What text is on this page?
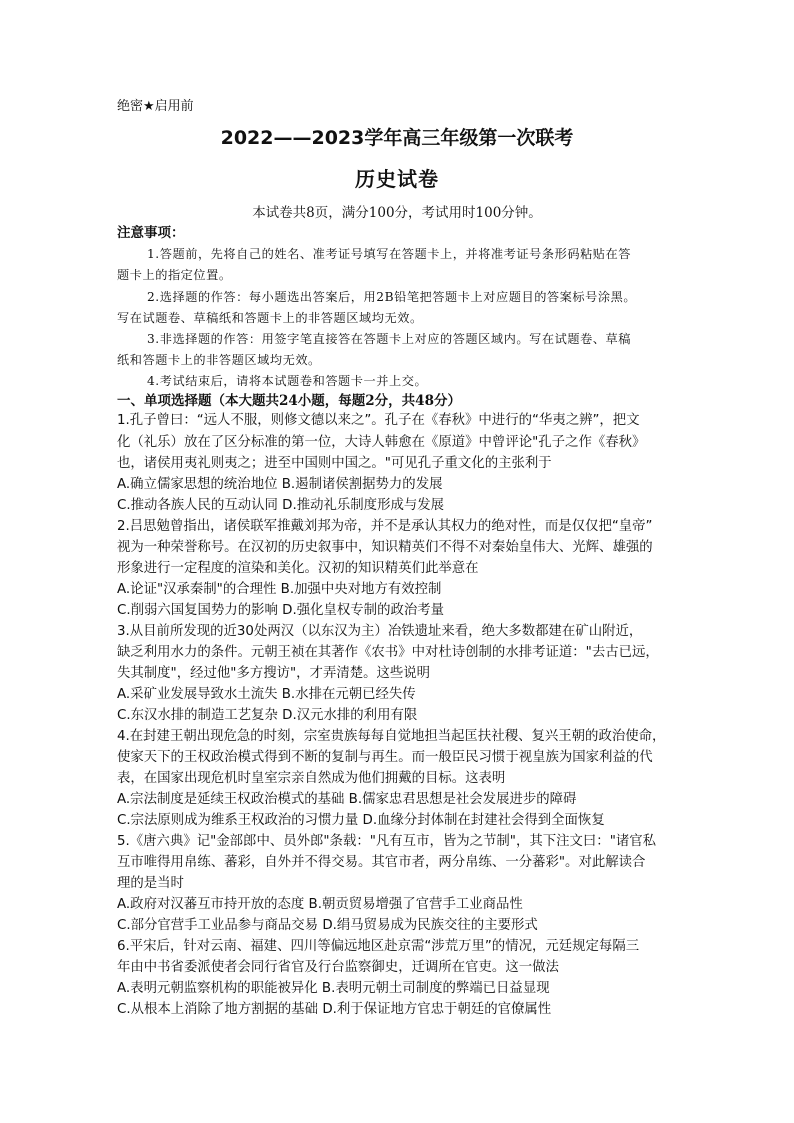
绝密★启用前
2022——2023学年高三年级第一次联考
历史试卷
本试卷共8页，满分100分，考试用时100分钟。
注意事项：
1.答题前，先将自己的姓名、准考证号填写在答题卡上，并将准考证号条形码粘贴在答
题卡上的指定位置。
2.选择题的作答：每小题选出答案后，用2B铅笔把答题卡上对应题目的答案标号涂黑。
写在试题卷、草稿纸和答题卡上的非答题区域均无效。
3.非选择题的作答：用签字笔直接答在答题卡上对应的答题区域内。写在试题卷、草稿
纸和答题卡上的非答题区域均无效。
4.考试结束后，请将本试题卷和答题卡一并上交。
一、单项选择题（本大题共24小题，每题2分，共48分）
1.孔子曾曰：“远人不服，则修文德以来之”。孔子在《春秋》中进行的“华夷之辨”，把文
化（礼乐）放在了区分标准的第一位，大诗人韩愈在《原道》中曾评论"孔子之作《春秋》
也，诸侯用夷礼则夷之；进至中国则中国之。"可见孔子重文化的主张利于
A.确立儒家思想的统治地位 B.遏制诸侯割据势力的发展
C.推动各族人民的互动认同 D.推动礼乐制度形成与发展
2.吕思勉曾指出，诸侯联军推戴刘邦为帝，并不是承认其权力的绝对性，而是仅仅把“皇帝”
视为一种荣誉称号。在汉初的历史叙事中，知识精英们不得不对秦始皇伟大、光辉、雄强的
形象进行一定程度的渲染和美化。汉初的知识精英们此举意在
A.论证"汉承秦制"的合理性 B.加强中央对地方有效控制
C.削弱六国复国势力的影响 D.强化皇权专制的政治考量
3.从目前所发现的近30处两汉（以东汉为主）冶铁遗址来看，绝大多数都建在矿山附近，
缺乏利用水力的条件。元朝王祯在其著作《农书》中对杜诗创制的水排考证道："去古已远，
失其制度"，经过他"多方搜访"，才弄清楚。这些说明
A.采矿业发展导致水土流失 B.水排在元朝已经失传
C.东汉水排的制造工艺复杂 D.汉元水排的利用有限
4.在封建王朝出现危急的时刻，宗室贵族每每自觉地担当起匡扶社稷、复兴王朝的政治使命，
使家天下的王权政治模式得到不断的复制与再生。而一般臣民习惯于视皇族为国家利益的代
表，在国家出现危机时皇室宗亲自然成为他们拥戴的目标。这表明
A.宗法制度是延续王权政治模式的基础 B.儒家忠君思想是社会发展进步的障碍
C.宗法原则成为维系王权政治的习惯力量 D.血缘分封体制在封建社会得到全面恢复
5.《唐六典》记"金部郎中、员外郎"条载："凡有互市，皆为之节制"，其下注文曰："诸官私
互市唯得用帛练、蕃彩，自外并不得交易。其官市者，两分帛练、一分蕃彩"。对此解读合
理的是当时
A.政府对汉蕃互市持开放的态度 B.朝贡贸易增强了官营手工业商品性
C.部分官营手工业品参与商品交易 D.绢马贸易成为民族交往的主要形式
6.平宋后，针对云南、福建、四川等偏远地区赴京需“涉荒万里”的情况，元廷规定每隔三
年由中书省委派使者会同行省官及行台监察御史，迁调所在官吏。这一做法
A.表明元朝监察机构的职能被异化 B.表明元朝土司制度的弊端已日益显现
C.从根本上消除了地方割据的基础 D.利于保证地方官忠于朝廷的官僚属性
